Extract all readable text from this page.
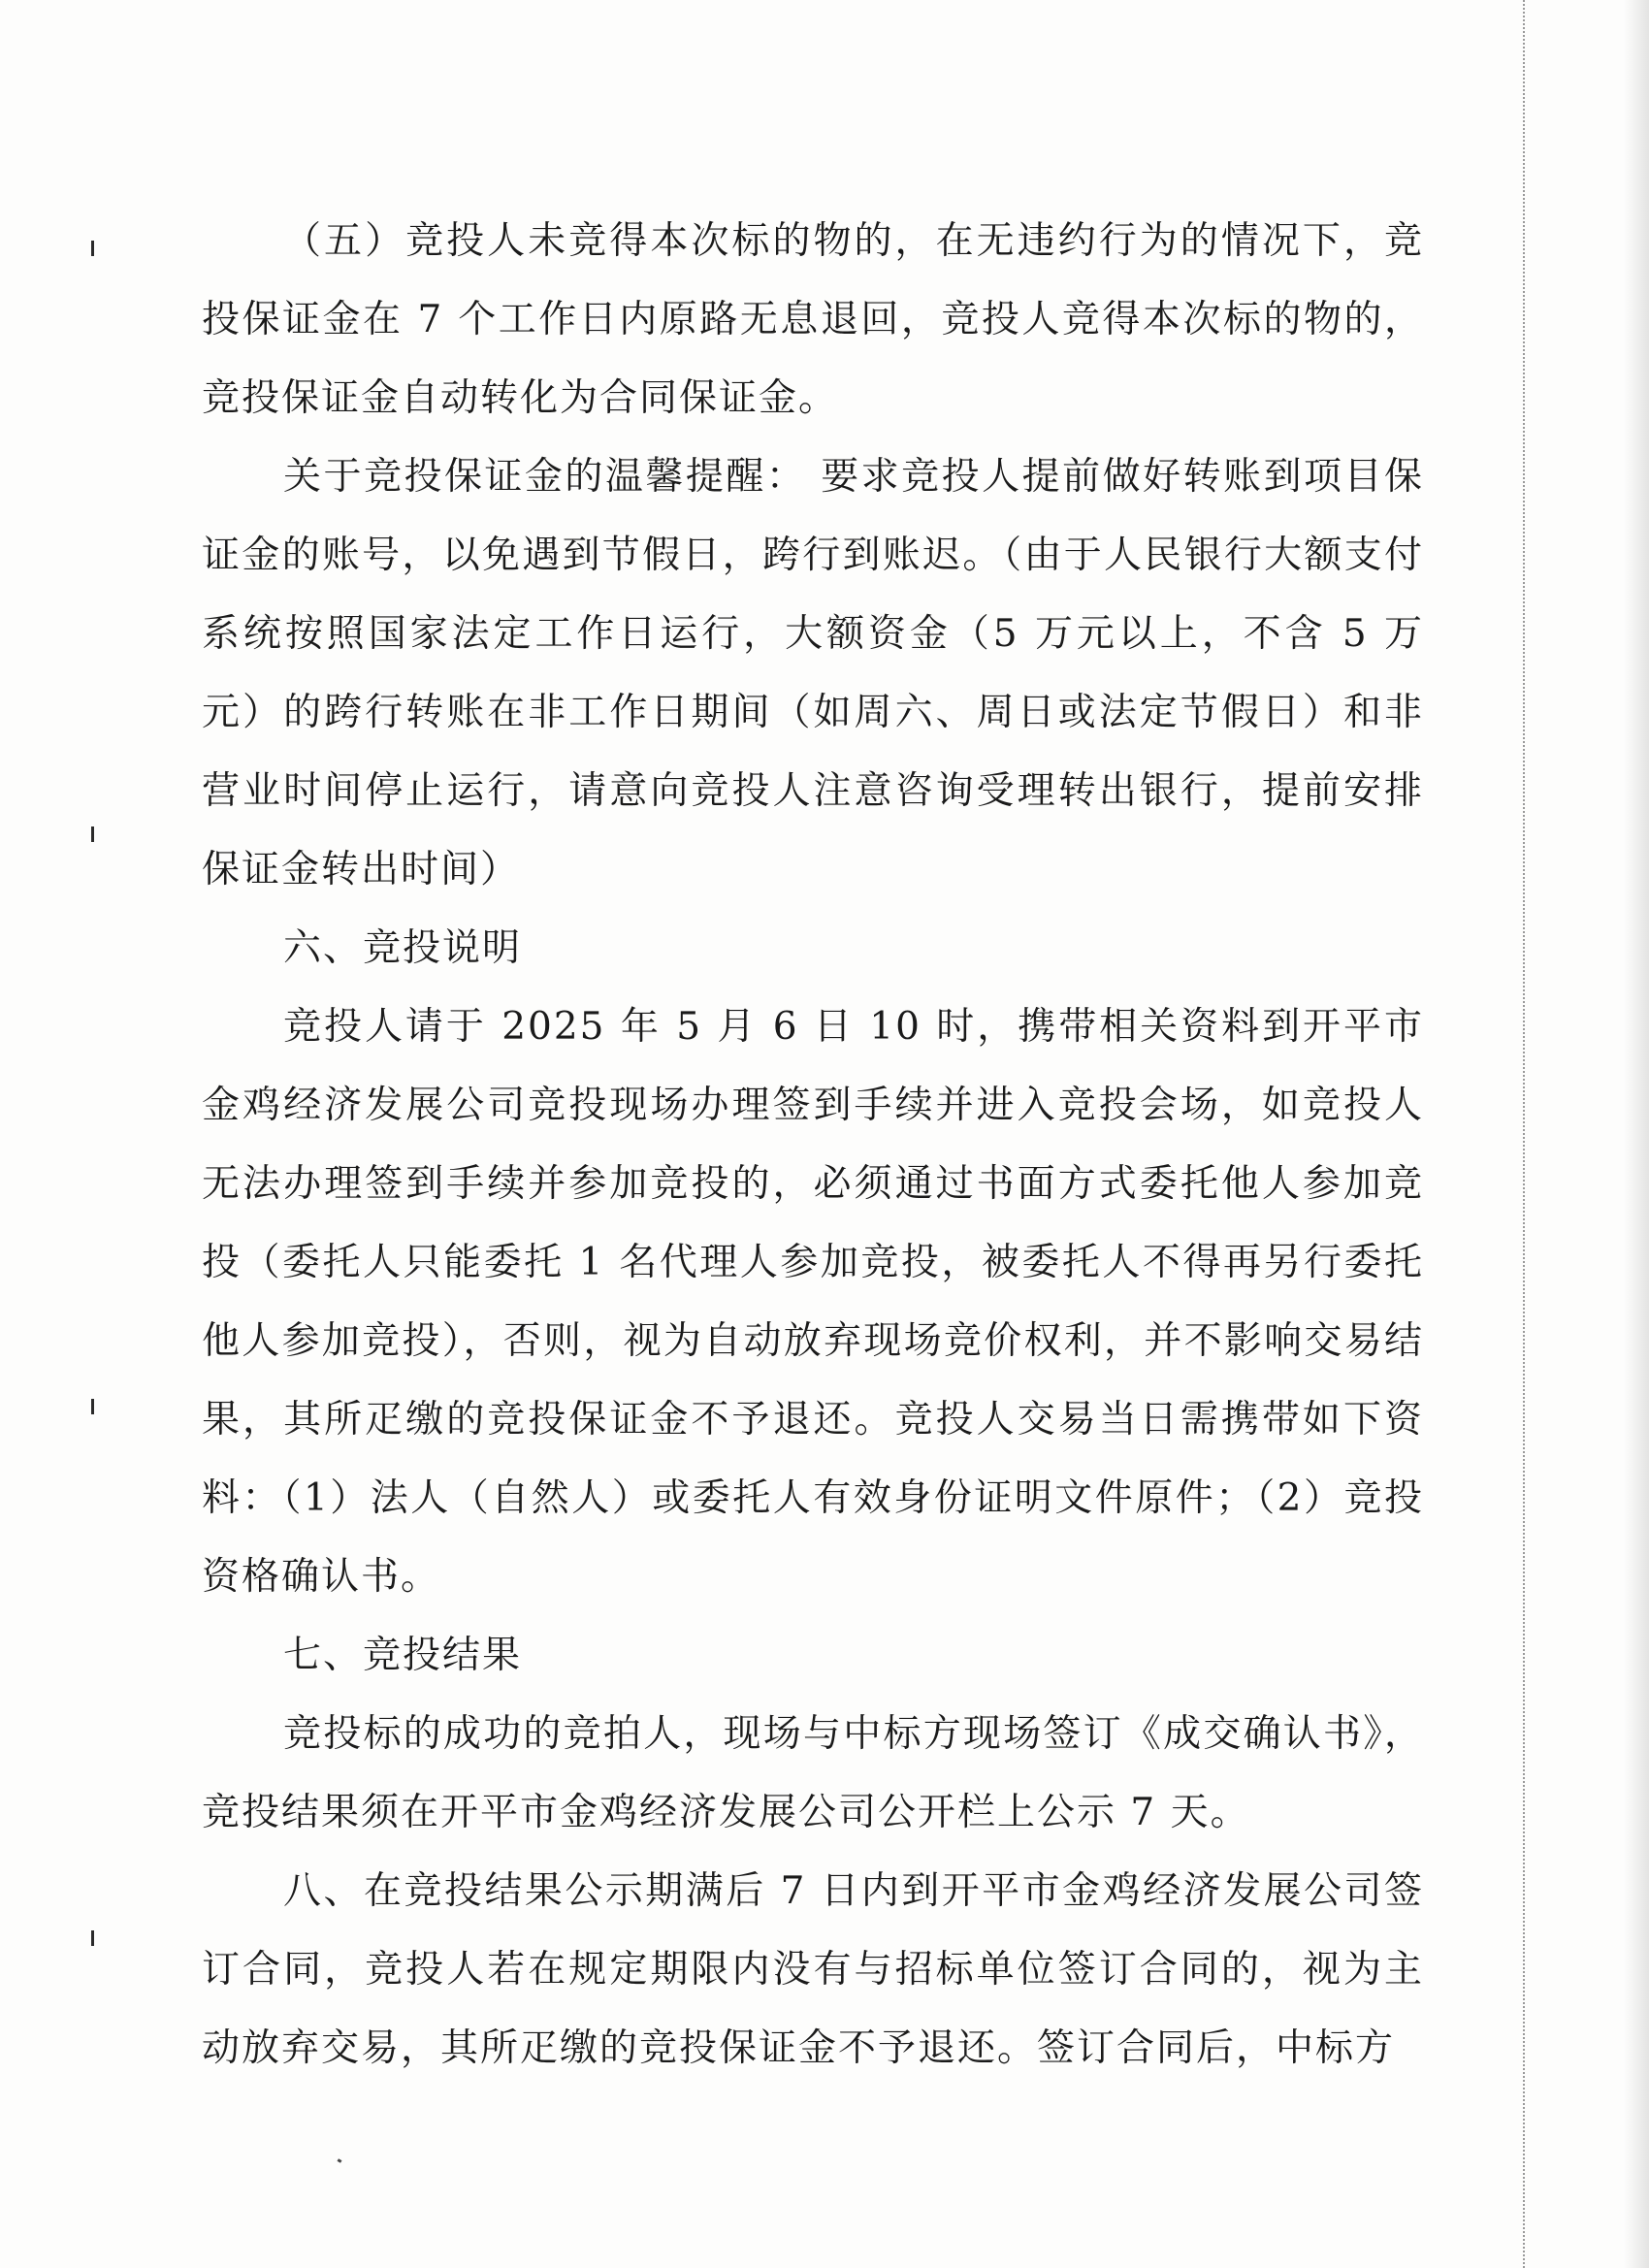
（五）竞投人未竞得本次标的物的，在无违约行为的情况下，竞投保证金在 7 个工作日内原路无息退回，竞投人竞得本次标的物的，竞投保证金自动转化为合同保证金。

关于竞投保证金的温馨提醒： 要求竞投人提前做好转账到项目保证金的账号，以免遇到节假日，跨行到账迟。（由于人民银行大额支付系统按照国家法定工作日运行，大额资金（5 万元以上，不含 5 万元）的跨行转账在非工作日期间（如周六、周日或法定节假日）和非营业时间停止运行，请意向竞投人注意咨询受理转出银行，提前安排保证金转出时间）

六、竞投说明

竞投人请于 2025 年 5 月 6 日 10 时，携带相关资料到开平市金鸡经济发展公司竞投现场办理签到手续并进入竞投会场，如竞投人无法办理签到手续并参加竞投的，必须通过书面方式委托他人参加竞投（委托人只能委托 1 名代理人参加竞投，被委托人不得再另行委托他人参加竞投），否则，视为自动放弃现场竞价权利，并不影响交易结果，其所疋缴的竞投保证金不予退还。竞投人交易当日需携带如下资料：（1）法人（自然人）或委托人有效身份证明文件原件；（2）竞投资格确认书。

七、竞投结果

竞投标的成功的竞拍人，现场与中标方现场签订《成交确认书》，竞投结果须在开平市金鸡经济发展公司公开栏上公示 7 天。

八、在竞投结果公示期满后 7 日内到开平市金鸡经济发展公司签订合同，竞投人若在规定期限内没有与招标单位签订合同的，视为主动放弃交易，其所疋缴的竞投保证金不予退还。签订合同后，中标方
